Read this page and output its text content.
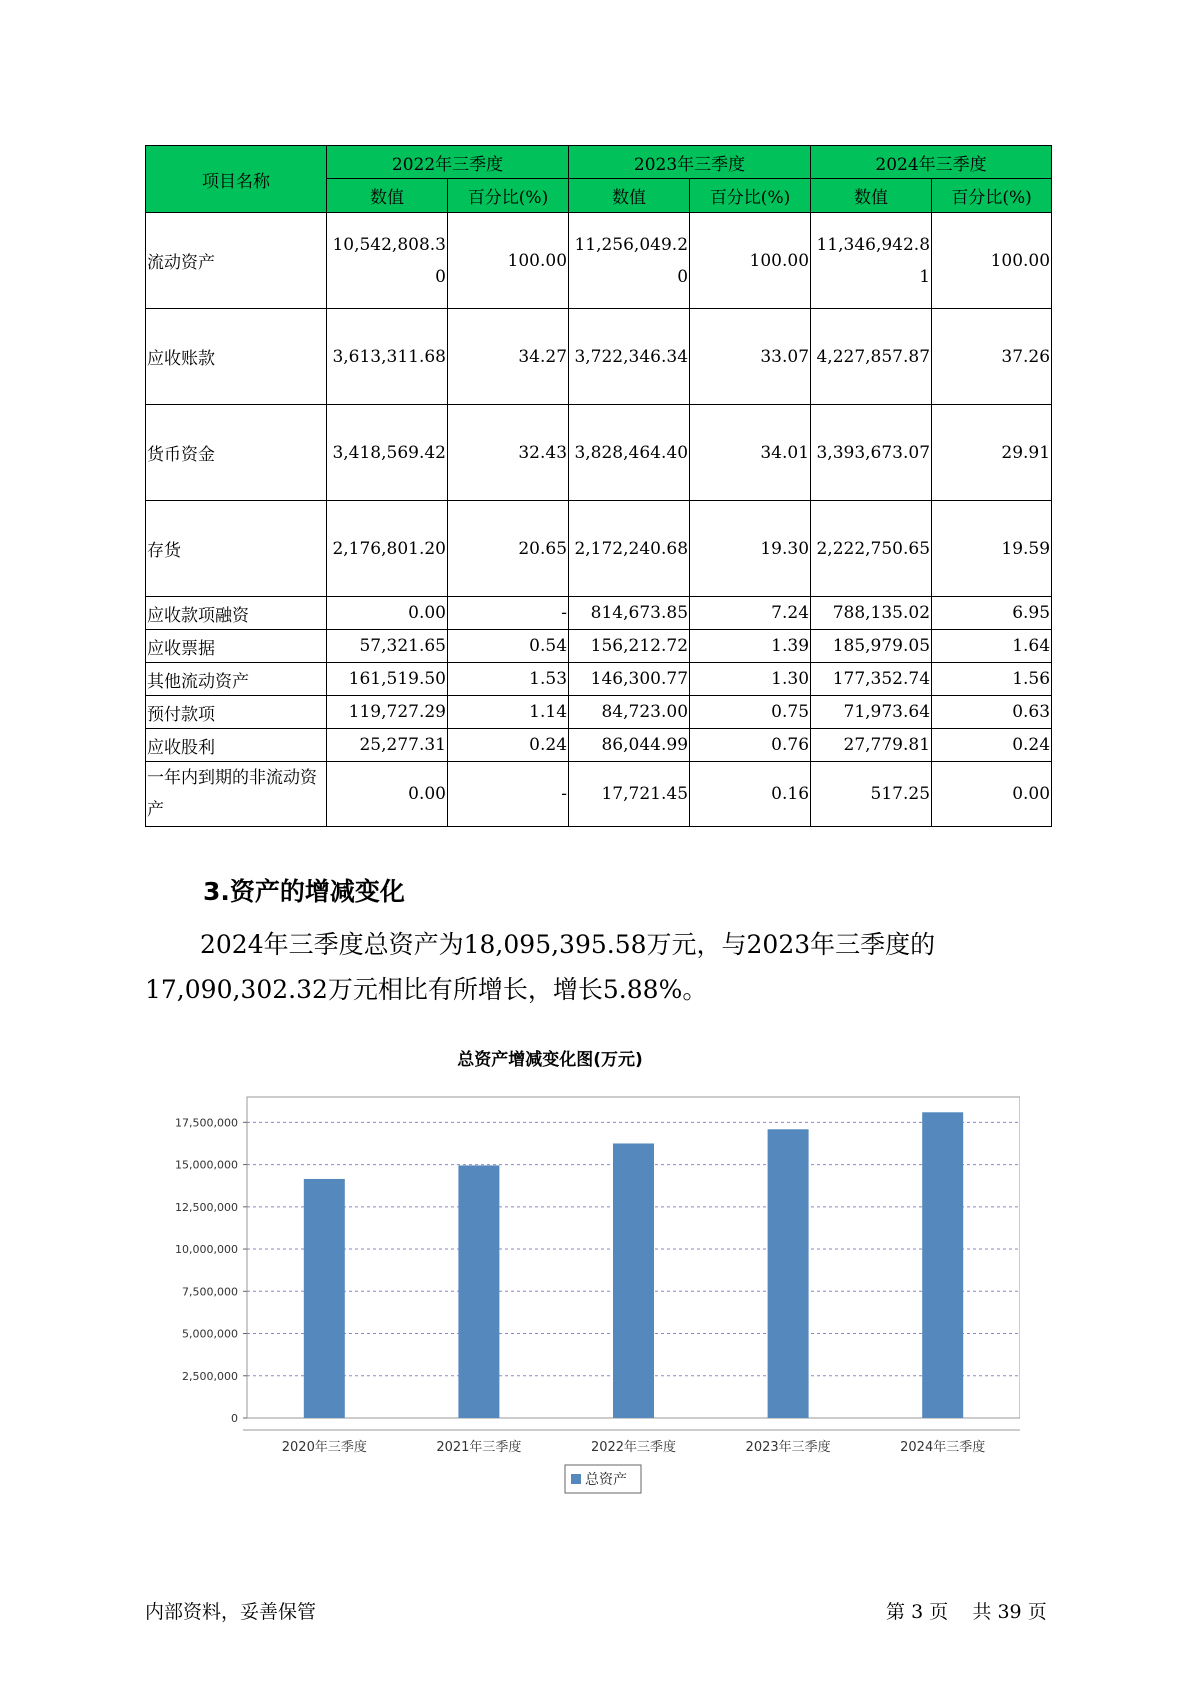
项目名称	2022年三季度		2023年三季度		2024年三季度	
	数值	百分比(%)	数值	百分比(%)	数值	百分比(%)
流动资产	10,542,808.30	100.00	11,256,049.20	100.00	11,346,942.81	100.00
应收账款	3,613,311.68	34.27	3,722,346.34	33.07	4,227,857.87	37.26
货币资金	3,418,569.42	32.43	3,828,464.40	34.01	3,393,673.07	29.91
存货	2,176,801.20	20.65	2,172,240.68	19.30	2,222,750.65	19.59
应收款项融资	0.00	-	814,673.85	7.24	788,135.02	6.95
应收票据	57,321.65	0.54	156,212.72	1.39	185,979.05	1.64
其他流动资产	161,519.50	1.53	146,300.77	1.30	177,352.74	1.56
预付款项	119,727.29	1.14	84,723.00	0.75	71,973.64	0.63
应收股利	25,277.31	0.24	86,044.99	0.76	27,779.81	0.24
一年内到期的非流动资产	0.00	-	17,721.45	0.16	517.25	0.00
3.资产的增减变化

2024年三季度总资产为18,095,395.58万元，与2023年三季度的17,090,302.32万元相比有所增长，增长5.88%。

0
2,500,000
5,000,000
7,500,000
10,000,000
12,500,000
15,000,000
17,500,000
2020年三季度	2021年三季度	2022年三季度	2023年三季度	2024年三季度
总资产
总资产增减变化图(万元)
内部资料，妥善保管	第 3 页 共 39 页
